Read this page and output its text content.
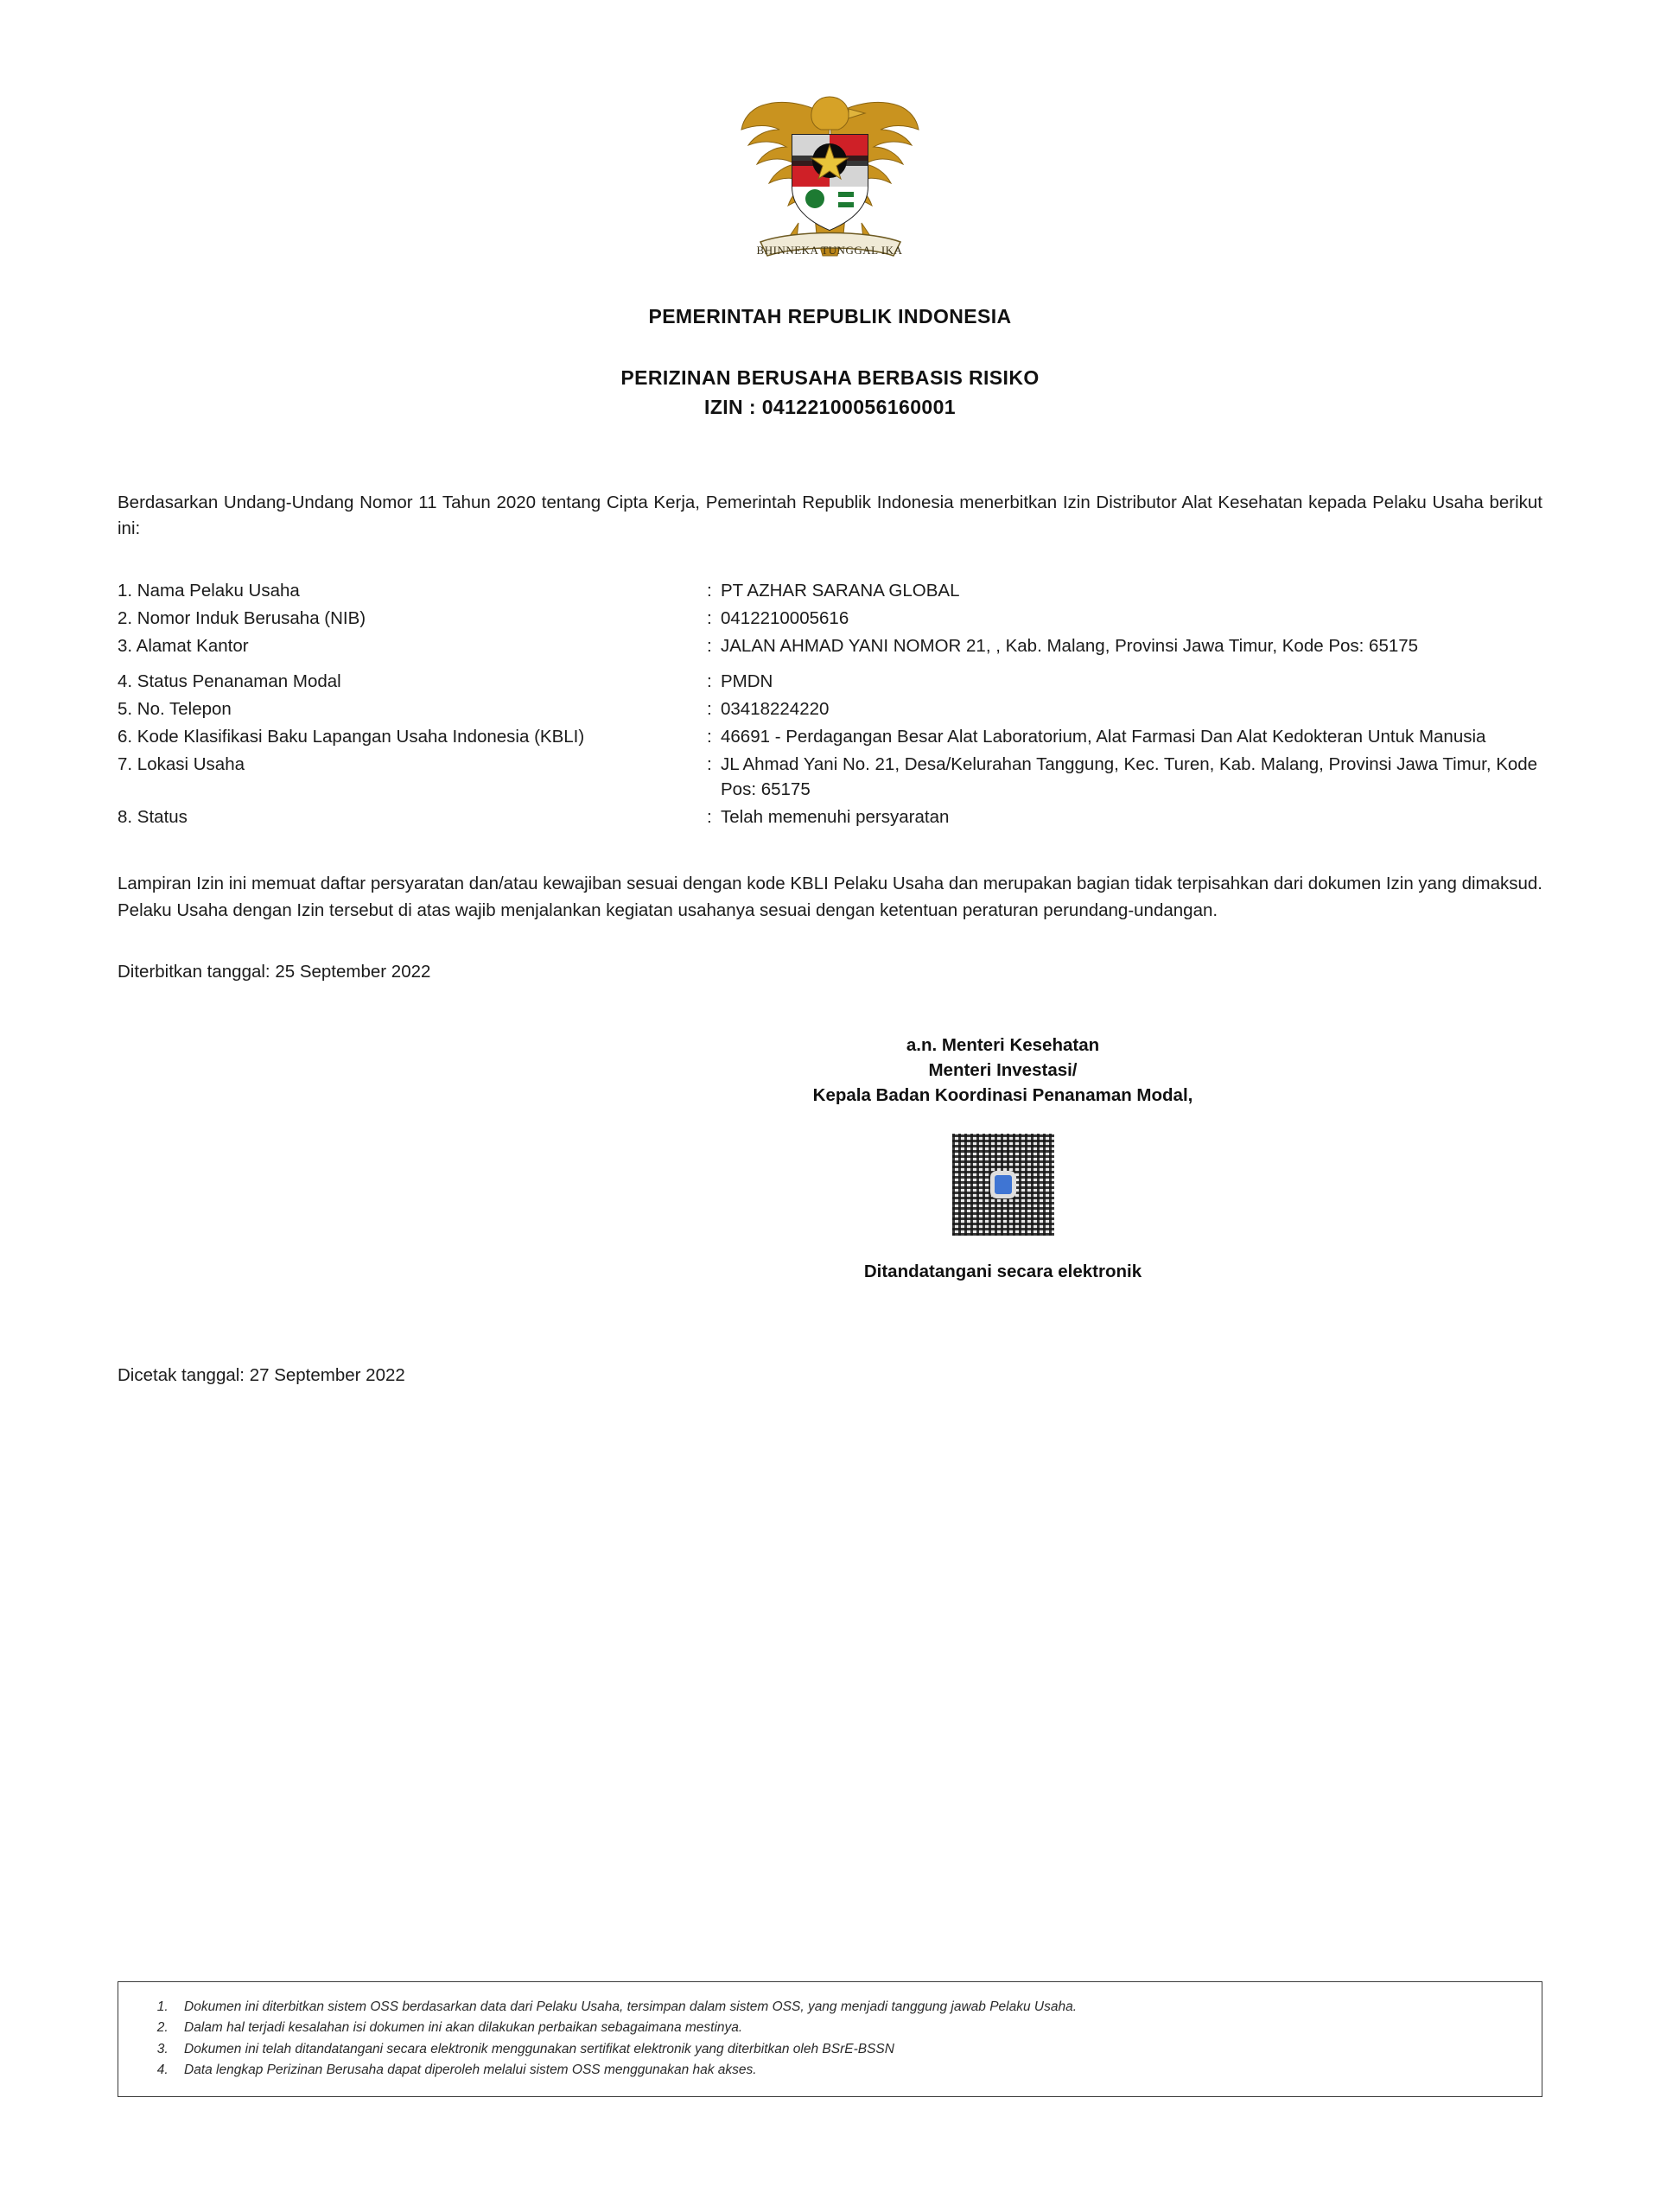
BHINNEKA TUNGGAL IKA
PEMERINTAH REPUBLIK INDONESIA
PERIZINAN BERUSAHA BERBASIS RISIKO
IZIN : 04122100056160001
Berdasarkan Undang-Undang Nomor 11 Tahun 2020 tentang Cipta Kerja, Pemerintah Republik Indonesia menerbitkan Izin Distributor Alat Kesehatan kepada Pelaku Usaha berikut ini:
1. Nama Pelaku Usaha	:	PT AZHAR SARANA GLOBAL
2. Nomor Induk Berusaha (NIB)	:	0412210005616
3. Alamat Kantor	:	JALAN AHMAD YANI NOMOR 21, , Kab. Malang, Provinsi Jawa Timur, Kode Pos: 65175
4. Status Penanaman Modal	:	PMDN
5. No. Telepon	:	03418224220
6. Kode Klasifikasi Baku Lapangan Usaha Indonesia (KBLI)	:	46691 - Perdagangan Besar Alat Laboratorium, Alat Farmasi Dan Alat Kedokteran Untuk Manusia
7. Lokasi Usaha	:	JL Ahmad Yani No. 21, Desa/Kelurahan Tanggung, Kec. Turen, Kab. Malang, Provinsi Jawa Timur, Kode Pos: 65175
8. Status	:	Telah memenuhi persyaratan
Lampiran Izin ini memuat daftar persyaratan dan/atau kewajiban sesuai dengan kode KBLI Pelaku Usaha dan merupakan bagian tidak terpisahkan dari dokumen Izin yang dimaksud. Pelaku Usaha dengan Izin tersebut di atas wajib menjalankan kegiatan usahanya sesuai dengan ketentuan peraturan perundang-undangan.
Diterbitkan tanggal: 25 September 2022
a.n. Menteri Kesehatan
Menteri Investasi/
Kepala Badan Koordinasi Penanaman Modal,
Ditandatangani secara elektronik
Dicetak tanggal: 27 September 2022
1. Dokumen ini diterbitkan sistem OSS berdasarkan data dari Pelaku Usaha, tersimpan dalam sistem OSS, yang menjadi tanggung jawab Pelaku Usaha.
2. Dalam hal terjadi kesalahan isi dokumen ini akan dilakukan perbaikan sebagaimana mestinya.
3. Dokumen ini telah ditandatangani secara elektronik menggunakan sertifikat elektronik yang diterbitkan oleh BSrE-BSSN
4. Data lengkap Perizinan Berusaha dapat diperoleh melalui sistem OSS menggunakan hak akses.
